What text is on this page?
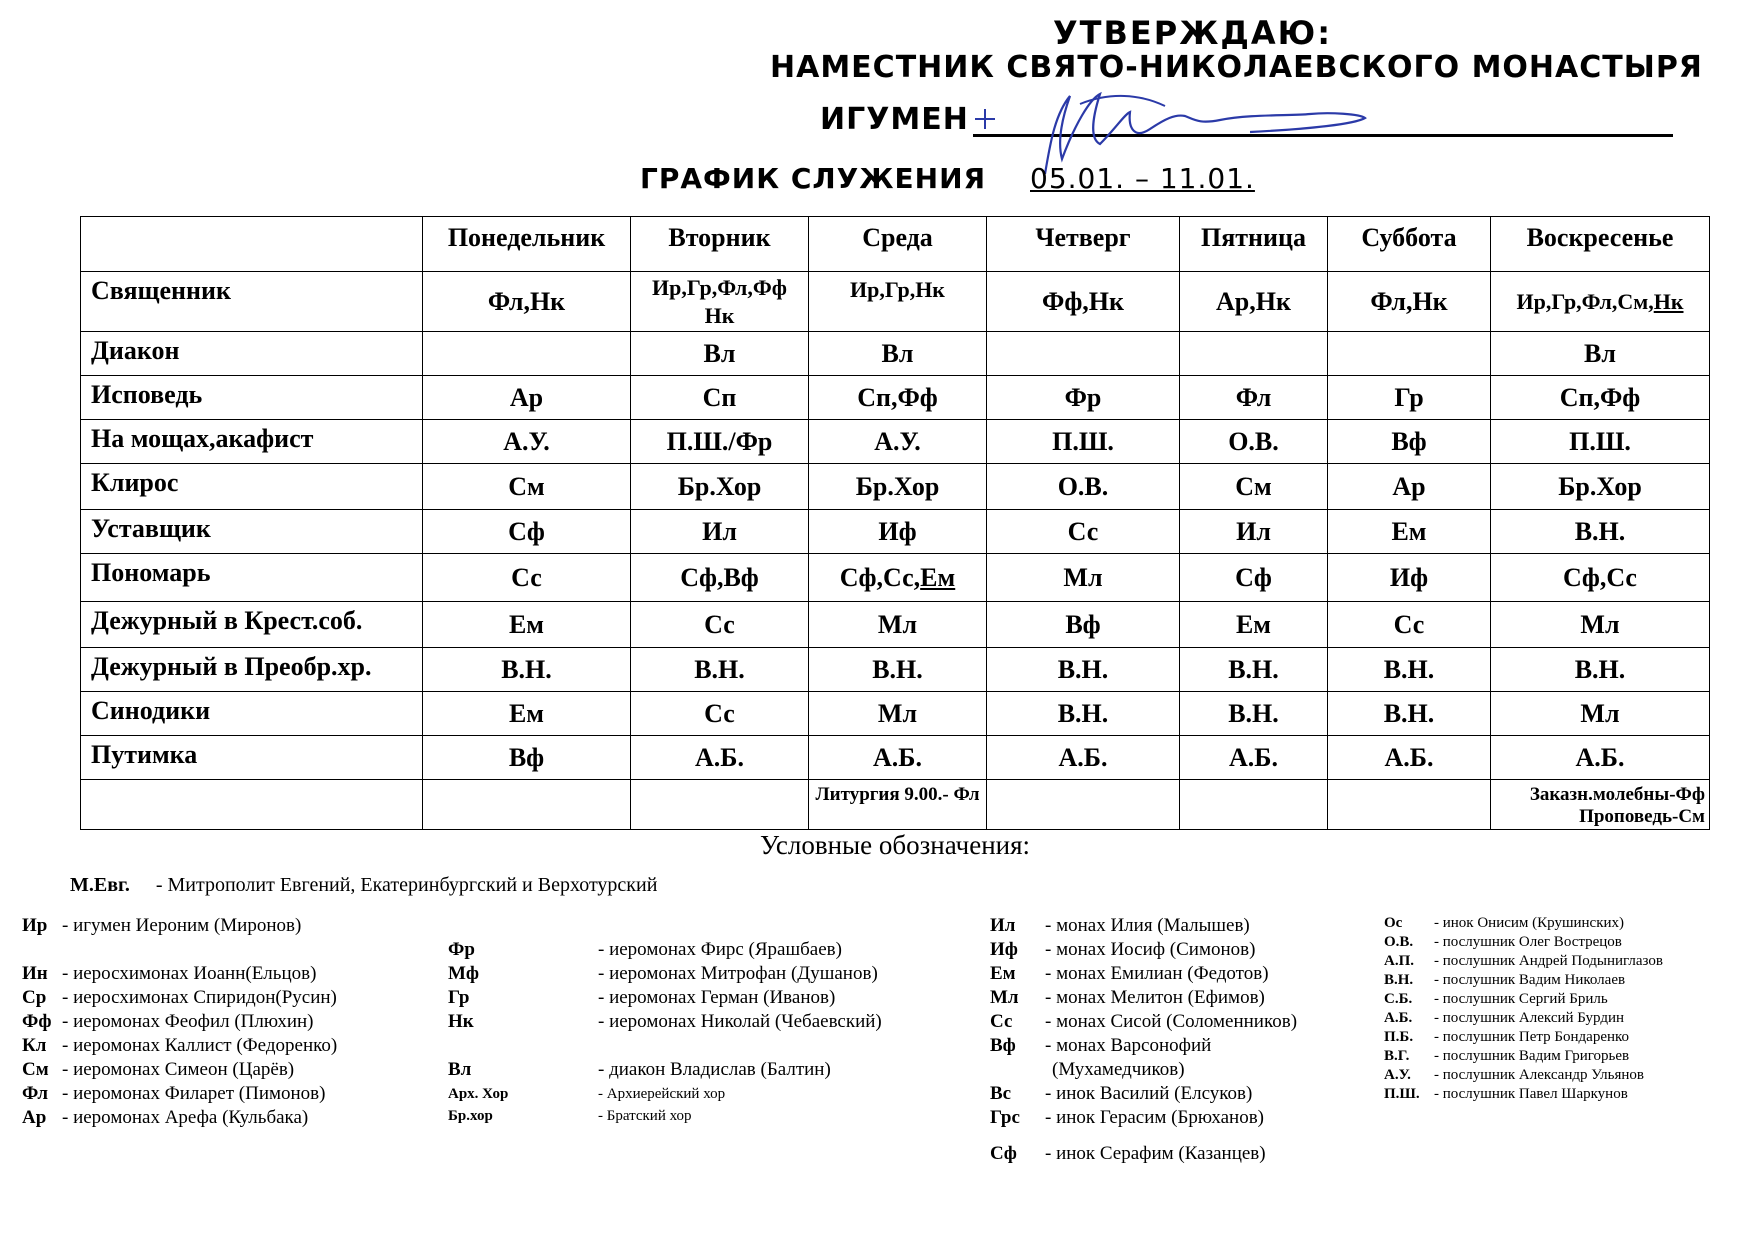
УТВЕРЖДАЮ:
НАМЕСТНИК СВЯТО-НИКОЛАЕВСКОГО МОНАСТЫРЯ
ИГУМЕН
ГРАФИК СЛУЖЕНИЯ 05.01. – 11.01.
	Понедельник	Вторник	Среда	Четверг	Пятница	Суббота	Воскресенье
Священник	Фл,Нк	Ир,Гр,Фл,Фф Нк	Ир,Гр,Нк	Фф,Нк	Ар,Нк	Фл,Нк	Ир,Гр,Фл,См,Нк
Диакон		Вл	Вл				Вл
Исповедь	Ар	Сп	Сп,Фф	Фр	Фл	Гр	Сп,Фф
На мощах,акафист	А.У.	П.Ш./Фр	А.У.	П.Ш.	О.В.	Вф	П.Ш.
Клирос	См	Бр.Хор	Бр.Хор	О.В.	См	Ар	Бр.Хор
Уставщик	Сф	Ил	Иф	Сс	Ил	Ем	В.Н.
Пономарь	Сс	Сф,Вф	Сф,Сс,Ем	Мл	Сф	Иф	Сф,Сс
Дежурный в Крест.соб.	Ем	Сс	Мл	Вф	Ем	Сс	Мл
Дежурный в Преобр.хр.	В.Н.	В.Н.	В.Н.	В.Н.	В.Н.	В.Н.	В.Н.
Синодики	Ем	Сс	Мл	В.Н.	В.Н.	В.Н.	Мл
Путимка	Вф	А.Б.	А.Б.	А.Б.	А.Б.	А.Б.	А.Б.
			Литургия 9.00.- Фл				Заказн.молебны-Фф
Проповедь-См
Условные обозначения:
М.Евг. - Митрополит Евгений, Екатеринбургский и Верхотурский
Ир - игумен Иероним (Миронов)
Ин - иеросхимонах Иоанн(Ельцов)
Ср - иеросхимонах Спиридон(Русин)
Фф - иеромонах Феофил (Плюхин)
Кл - иеромонах Каллист (Федоренко)
См - иеромонах Симеон (Царёв)
Фл - иеромонах Филарет (Пимонов)
Ар - иеромонах Арефа (Кульбака)
Фр	- иеромонах Фирс (Ярашбаев)
Мф	- иеромонах Митрофан (Душанов)
Гр	- иеромонах Герман (Иванов)
Нк	- иеромонах Николай (Чебаевский)
Вл	- диакон Владислав (Балтин)
Арх. Хор	- Архиерейский хор
Бр.хор	- Братский хор
Ил - монах Илия (Малышев)
Иф - монах Иосиф (Симонов)
Ем - монах Емилиан (Федотов)
Мл - монах Мелитон (Ефимов)
Сс - монах Сисой (Соломенников)
Вф - монах Варсонофий
(Мухамедчиков)
Вс - инок Василий (Елсуков)
Грс - инок Герасим (Брюханов)
Сф - инок Серафим (Казанцев)
Ос - инок Онисим (Крушинских)
О.В. - послушник Олег Вострецов
А.П. - послушник Андрей Подыниглазов
В.Н. - послушник Вадим Николаев
С.Б. - послушник Сергий Бриль
А.Б. - послушник Алексий Бурдин
П.Б. - послушник Петр Бондаренко
В.Г. - послушник Вадим Григорьев
А.У. - послушник Александр Ульянов
П.Ш. - послушник Павел Шаркунов
